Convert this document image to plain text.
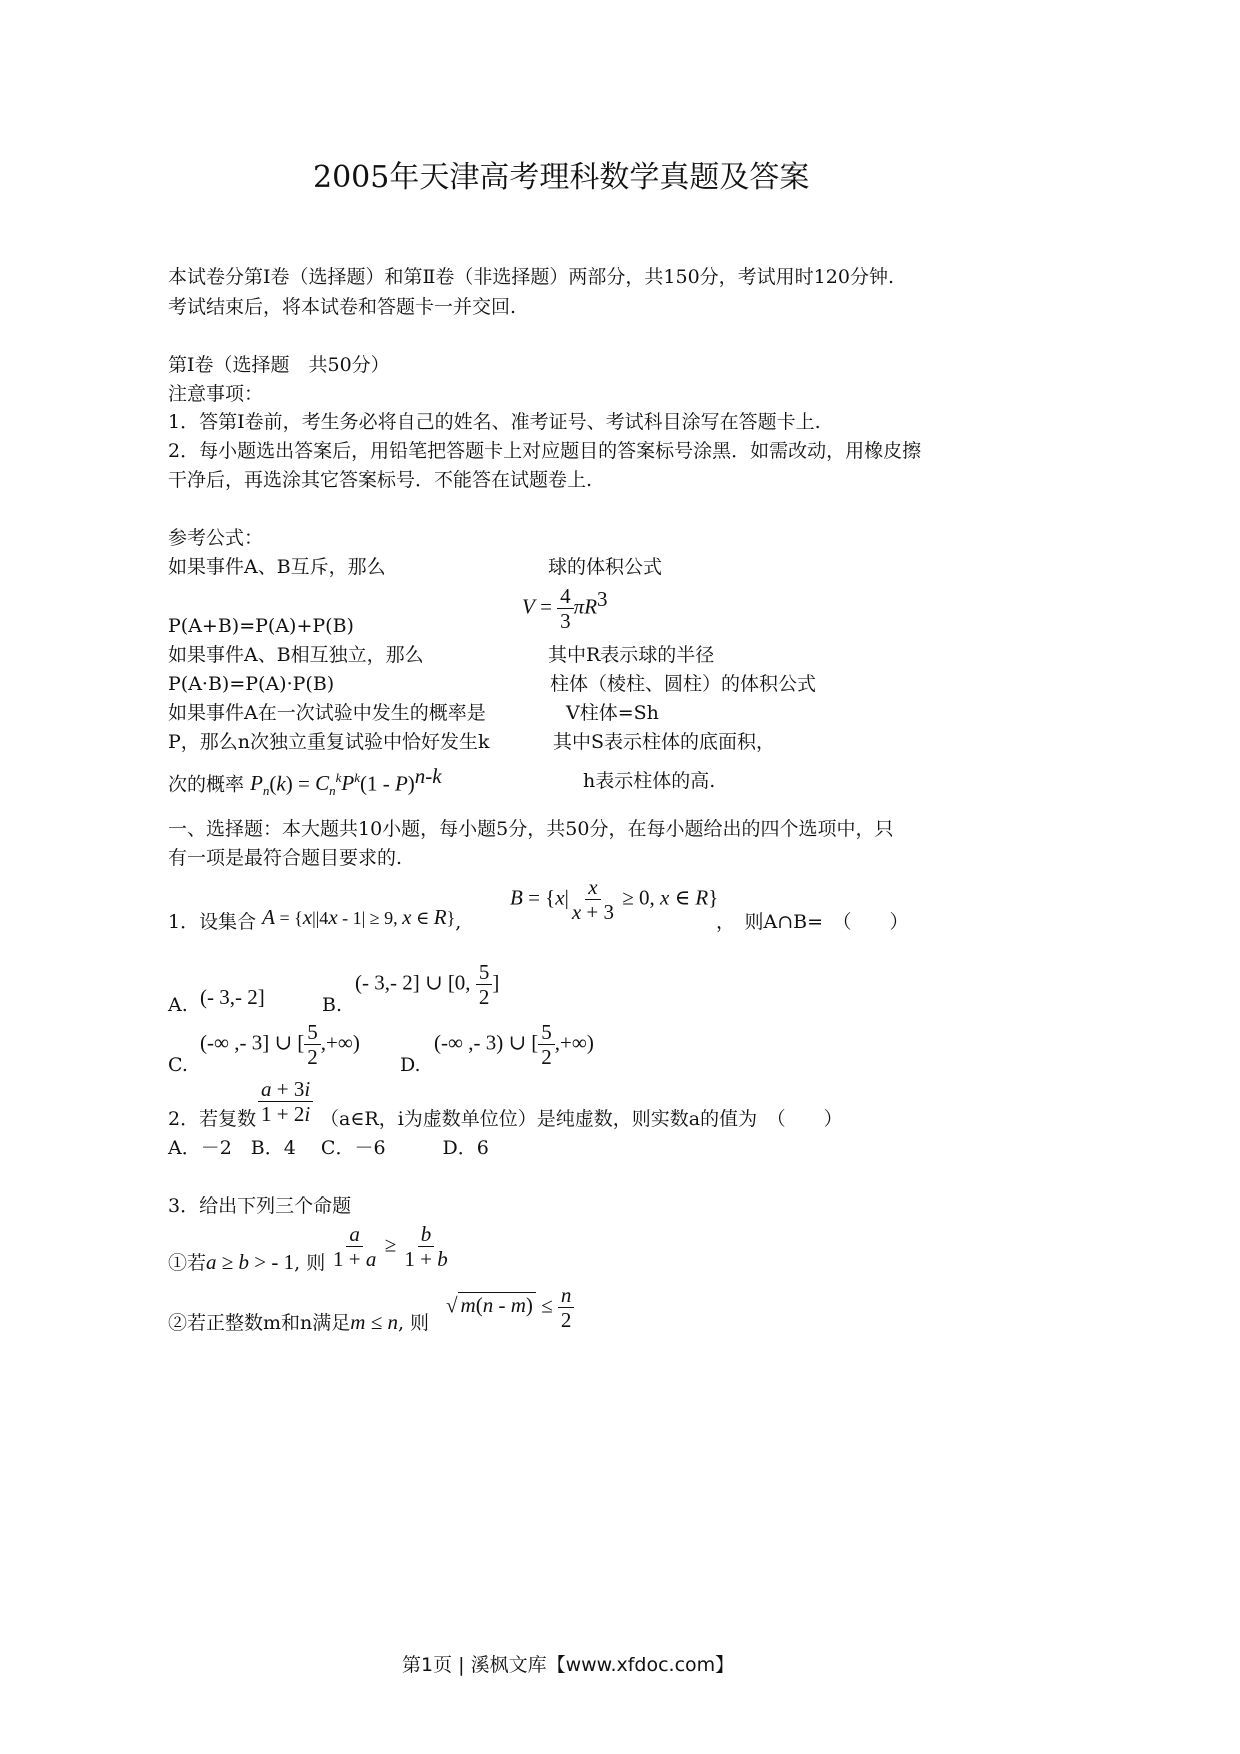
2005年天津高考理科数学真题及答案
本试卷分第Ⅰ卷（选择题）和第Ⅱ卷（非选择题）两部分，共150分，考试用时120分钟.
考试结束后，将本试卷和答题卡一并交回.
第Ⅰ卷（选择题　共50分）
注意事项：
1．答第Ⅰ卷前，考生务必将自己的姓名、准考证号、考试科目涂写在答题卡上.
2．每小题选出答案后，用铅笔把答题卡上对应题目的答案标号涂黑．如需改动，用橡皮擦
干净后，再选涂其它答案标号．不能答在试题卷上.
参考公式：
如果事件A、B互斥，那么	球的体积公式
$V = \frac{4}{3} \pi R^3$
P(A+B)=P(A)+P(B)
如果事件A、B相互独立，那么	其中R表示球的半径
P(A·B)=P(A)·P(B)	柱体（棱柱、圆柱）的体积公式
如果事件A在一次试验中发生的概率是	V柱体=Sh
P，那么n次独立重复试验中恰好发生k	其中S表示柱体的底面积，
次的概率 $P_n(k) = C_n^kP^k(1 - P)^{n-k}$	h表示柱体的高.
一、选择题：本大题共10小题，每小题5分，共50分，在每小题给出的四个选项中，只
有一项是最符合题目要求的.
1．设集合 A = {x||4x - 1| ≥ 9, x ∈ R},
$B = \{x| \frac{x}{x + 3} \ge 0$, x ∈ R}
，　则A∩B=　（　　）
A. (- 3,- 2]	B.
(- 3,- 2] ∪ [0, $\frac{5}{2}$ ]
C.
(-∞ ,- 3] ∪ [ $\frac{5}{2}$ ,+∞)
D.
(-∞ ,- 3) ∪ [ $\frac{5}{2}$ ,+∞)
2．若复数 $\frac{a + 3i}{1 + 2i}$ （a∈R，i为虚数单位位）是纯虚数，则实数a的值为　（　　）
A．－2　B．4　 C．－6　　　D．6
3．给出下列三个命题
①若a ≥ b > - 1, 则 $\frac{a}{1 + a} \ge \frac{b}{1 + b}$
②若正整数m和n满足m ≤ n, 则
√ $m(n - m) \le \frac{n}{2}$
第1页 | 溪枫文库【www.xfdoc.com】
